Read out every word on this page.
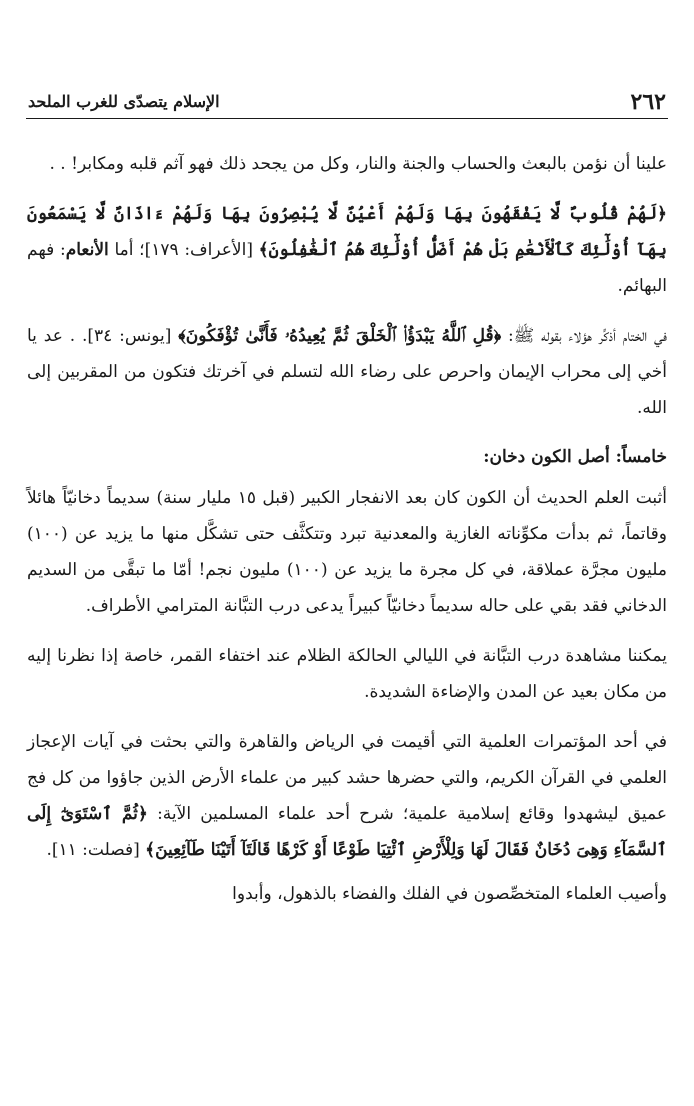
٢٦٢
الإسلام يتصدّى للغرب الملحد

علينا أن نؤمن بالبعث والحساب والجنة والنار، وكل من يجحد ذلك فهو آثم قلبه ومكابر! . .

﴿لَهُمْ قُلُوبٌ لَّا يَفْقَهُونَ بِهَا وَلَهُمْ أَعْيُنٌ لَّا يُبْصِرُونَ بِهَا وَلَهُمْ ءَاذَانٌ لَّا يَسْمَعُونَ بِهَآ أُوْلَٰٓئِكَ كَٱلْأَنْعَٰمِ بَلْ هُمْ أَضَلُّ أُوْلَٰٓئِكَ هُمُ ٱلْغَٰفِلُونَ﴾ [الأعراف: ١٧٩]؛ أما الأنعام: فهم البهائم.

في الختام أذكِّر هؤلاء بقوله ﷺ: ﴿قُلِ ٱللَّهُ يَبْدَؤُا۟ ٱلْخَلْقَ ثُمَّ يُعِيدُهُۥ فَأَنَّىٰ تُؤْفَكُونَ﴾ [يونس: ٣٤]. . عد يا أخي إلى محراب الإيمان واحرص على رضاء الله لتسلم في آخرتك فتكون من المقربين إلى الله.

خامساً: أصل الكون دخان:

أثبت العلم الحديث أن الكون كان بعد الانفجار الكبير (قبل ١٥ مليار سنة) سديماً دخانيّاً هائلاً وقاتماً، ثم بدأت مكوِّناته الغازية والمعدنية تبرد وتتكثَّف حتى تشكَّل منها ما يزيد عن (١٠٠) مليون مجرَّة عملاقة، في كل مجرة ما يزيد عن (١٠٠) مليون نجم! أمّا ما تبقَّى من السديم الدخاني فقد بقي على حاله سديماً دخانيّاً كبيراً يدعى درب التبَّانة المترامي الأطراف.

يمكننا مشاهدة درب التبَّانة في الليالي الحالكة الظلام عند اختفاء القمر، خاصة إذا نظرنا إليه من مكان بعيد عن المدن والإضاءة الشديدة.

في أحد المؤتمرات العلمية التي أقيمت في الرياض والقاهرة والتي بحثت في آيات الإعجاز العلمي في القرآن الكريم، والتي حضرها حشد كبير من علماء الأرض الذين جاؤوا من كل فج عميق ليشهدوا وقائع إسلامية علمية؛ شرح أحد علماء المسلمين الآية: ﴿ثُمَّ ٱسْتَوَىٰٓ إِلَى ٱلسَّمَآءِ وَهِىَ دُخَانٌ فَقَالَ لَهَا وَلِلْأَرْضِ ٱئْتِيَا طَوْعًا أَوْ كَرْهًا قَالَتَآ أَتَيْنَا طَآئِعِينَ﴾ [فصلت: ١١].

وأصيب العلماء المتخصِّصون في الفلك والفضاء بالذهول، وأبدوا
